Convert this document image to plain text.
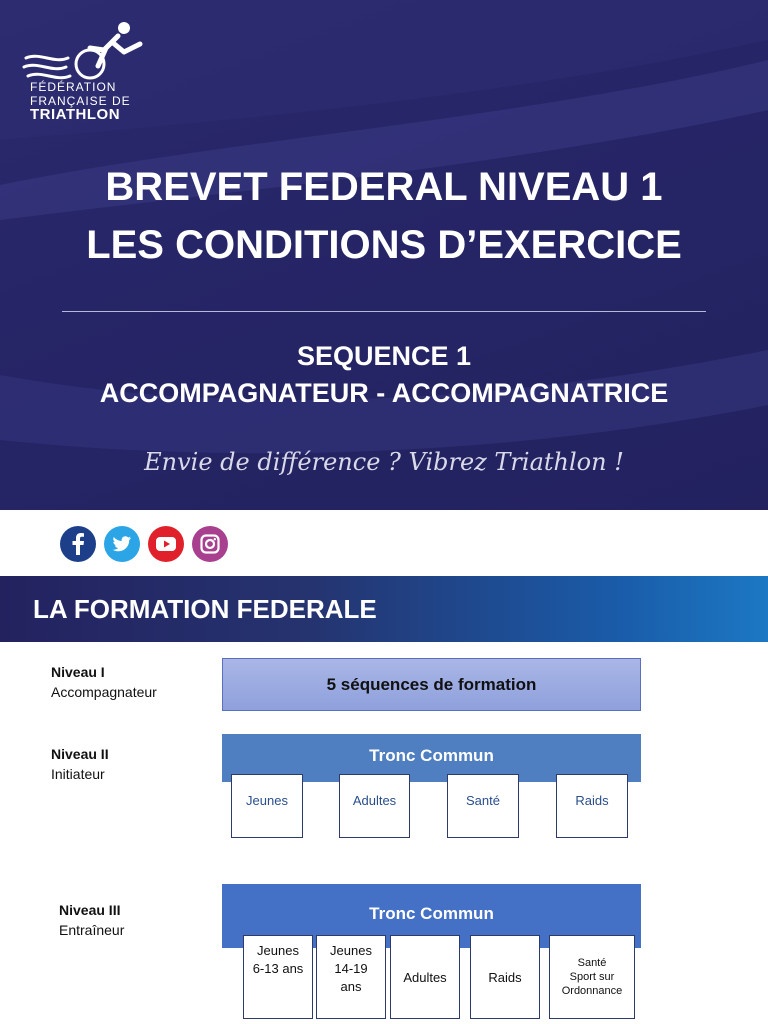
FÉDÉRATION
FRANÇAISE DE
TRIATHLON
BREVET FEDERAL NIVEAU 1
LES CONDITIONS D’EXERCICE
SEQUENCE 1
ACCOMPAGNATEUR - ACCOMPAGNATRICE
Envie de différence ? Vibrez Triathlon !
LA FORMATION FEDERALE
Niveau I
Accompagnateur	5 séquences de formation
Niveau II
Initiateur
Tronc Commun
Jeunes	Adultes	Santé	Raids
Niveau III
Entraîneur
Tronc Commun
Jeunes
6-13 ans
Jeunes
14-19
ans
Adultes	Raids
Santé
Sport sur
Ordonnance
